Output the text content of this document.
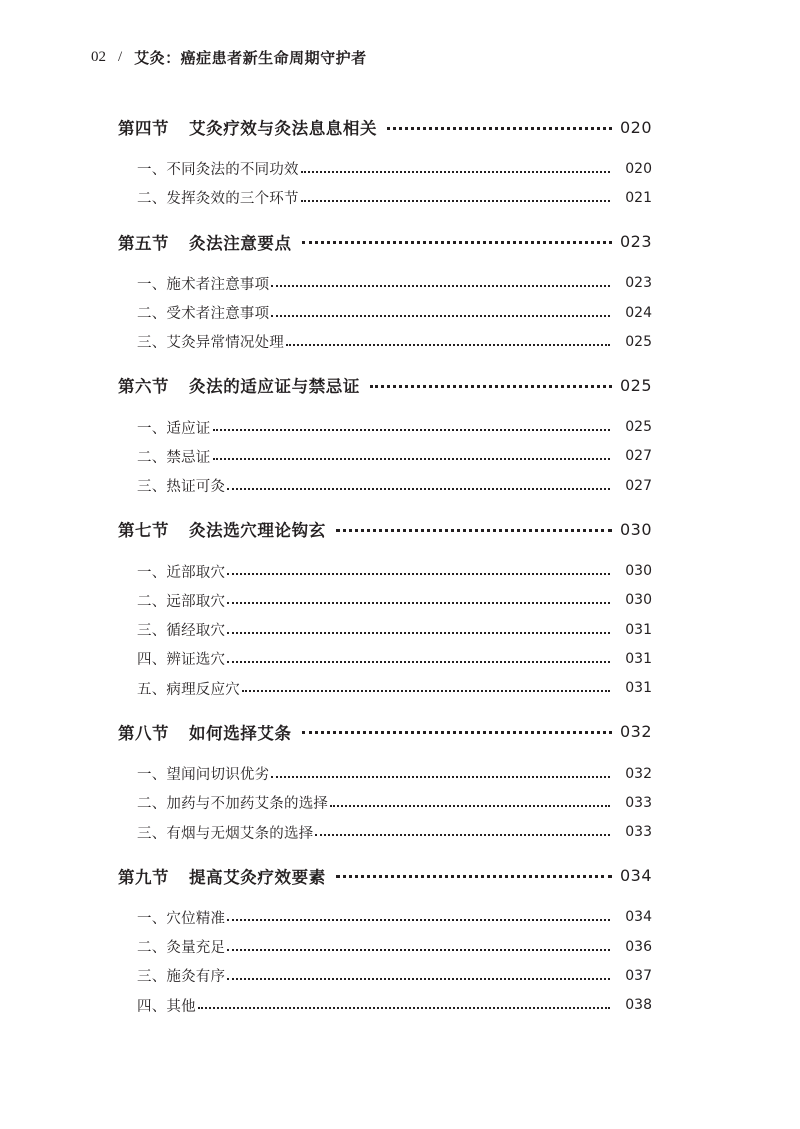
02 / 艾灸：癌症患者新生命周期守护者
第四节 艾灸疗效与灸法息息相关	020
一、不同灸法的不同功效	020
二、发挥灸效的三个环节	021
第五节 灸法注意要点	023
一、施术者注意事项	023
二、受术者注意事项	024
三、艾灸异常情况处理	025
第六节 灸法的适应证与禁忌证	025
一、适应证	025
二、禁忌证	027
三、热证可灸	027
第七节 灸法选穴理论钩玄	030
一、近部取穴	030
二、远部取穴	030
三、循经取穴	031
四、辨证选穴	031
五、病理反应穴	031
第八节 如何选择艾条	032
一、望闻问切识优劣	032
二、加药与不加药艾条的选择	033
三、有烟与无烟艾条的选择	033
第九节 提高艾灸疗效要素	034
一、穴位精准	034
二、灸量充足	036
三、施灸有序	037
四、其他	038
